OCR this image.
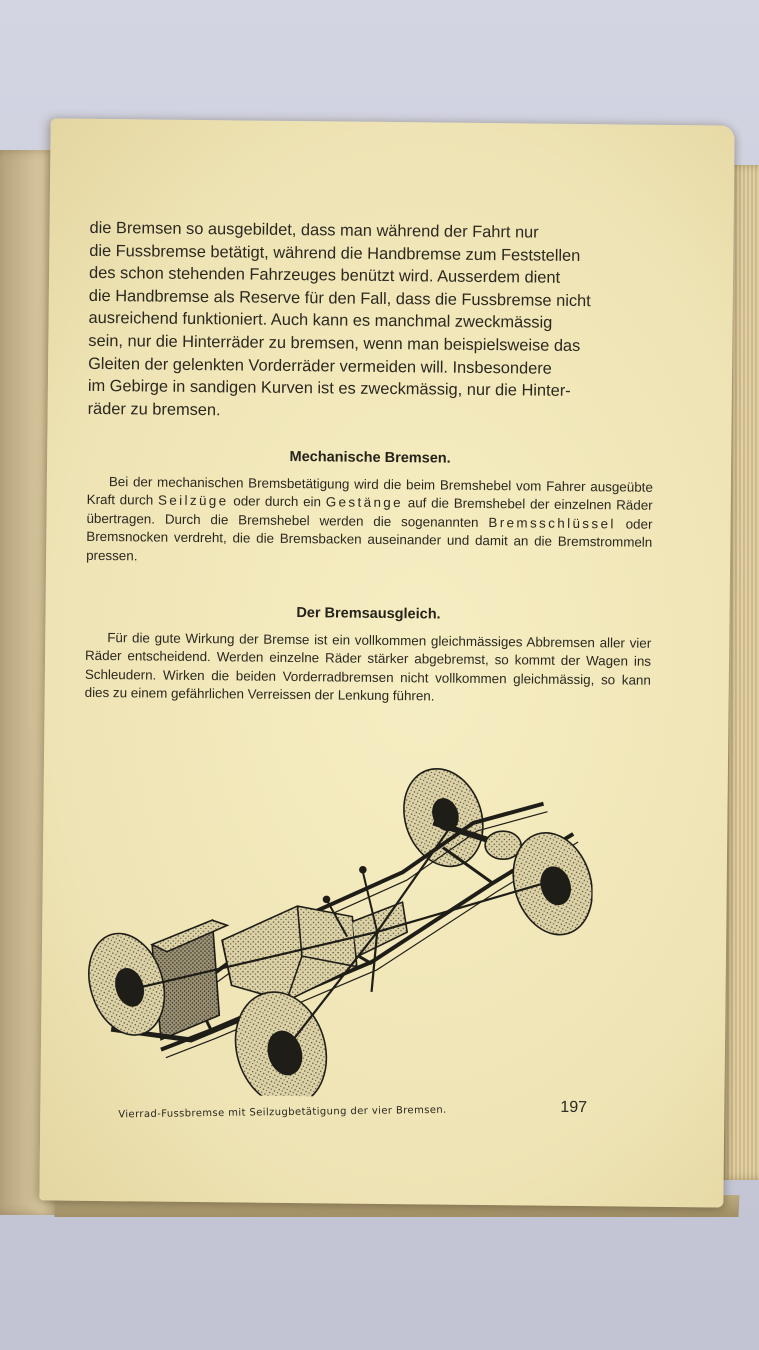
die Bremsen so ausgebildet, dass man während der Fahrt nur

die Fussbremse betätigt, während die Handbremse zum Feststellen

des schon stehenden Fahrzeuges benützt wird. Ausserdem dient

die Handbremse als Reserve für den Fall, dass die Fussbremse nicht

ausreichend funktioniert. Auch kann es manchmal zweckmässig

sein, nur die Hinterräder zu bremsen, wenn man beispielsweise das

Gleiten der gelenkten Vorderräder vermeiden will. Insbesondere

im Gebirge in sandigen Kurven ist es zweckmässig, nur die Hinter-

räder zu bremsen.

Mechanische Bremsen.

Bei der mechanischen Bremsbetätigung wird die beim Bremshebel vom Fahrer ausgeübte Kraft durch Seilzüge oder durch ein Gestänge auf die Bremshebel der einzelnen Räder übertragen. Durch die Bremshebel werden die sogenannten Bremsschlüssel oder Bremsnocken verdreht, die die Bremsbacken auseinander und damit an die Bremstrommeln pressen.

Der Bremsausgleich.

Für die gute Wirkung der Bremse ist ein vollkommen gleichmässiges Abbremsen aller vier Räder entscheidend. Werden einzelne Räder stärker abgebremst, so kommt der Wagen ins Schleudern. Wirken die beiden Vorderradbremsen nicht vollkommen gleichmässig, so kann dies zu einem gefährlichen Verreissen der Lenkung führen.

Vierrad-Fussbremse mit Seilzugbetätigung der vier Bremsen.	197
